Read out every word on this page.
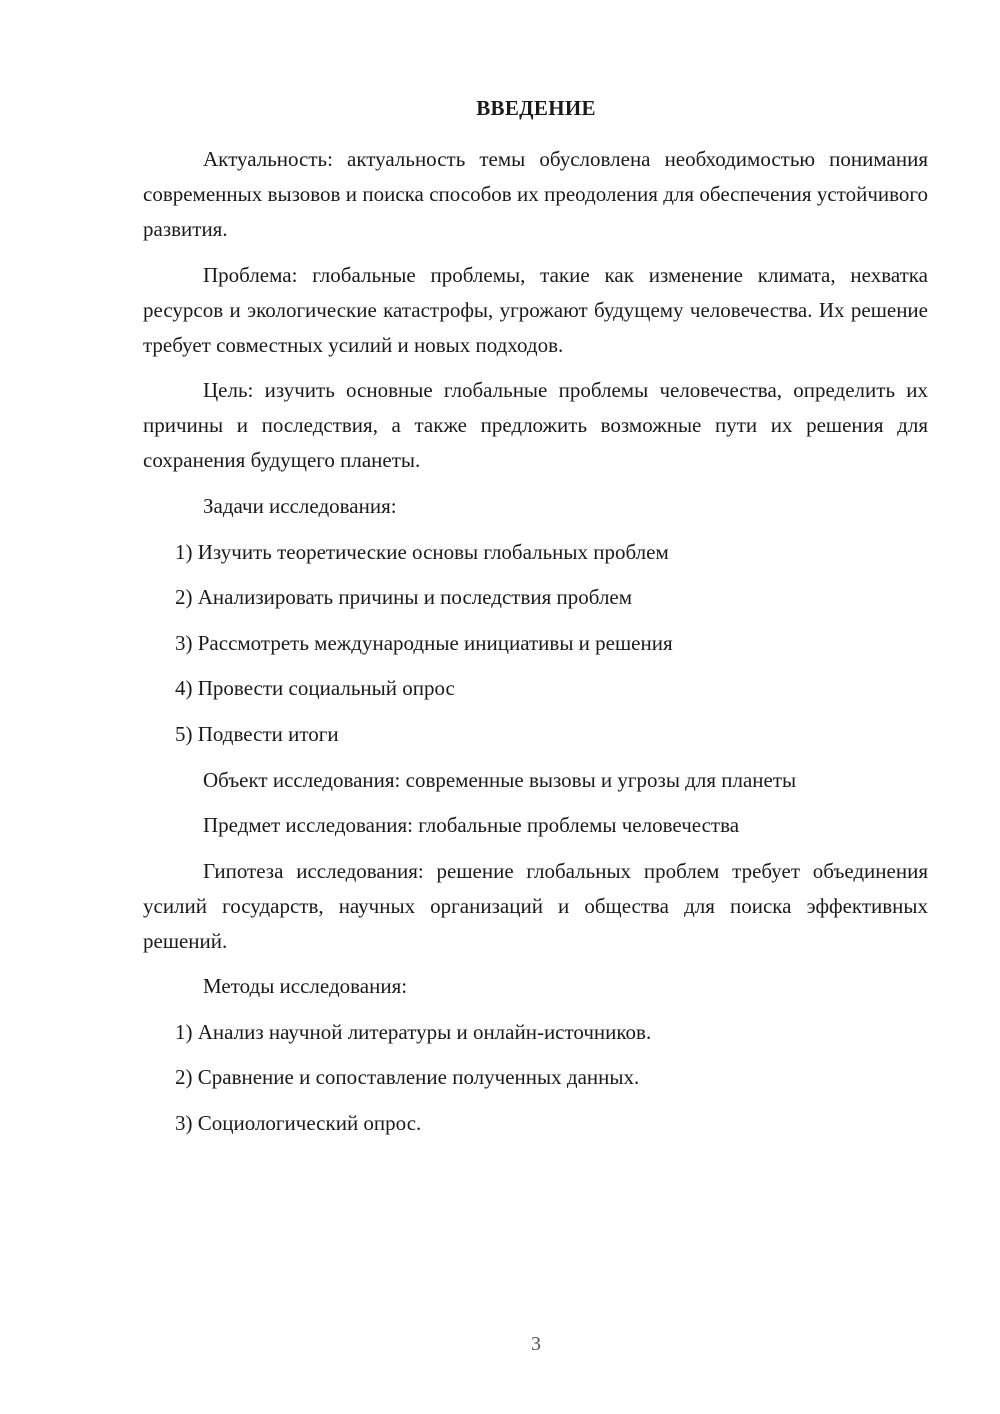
ВВЕДЕНИЕ

Актуальность: актуальность темы обусловлена необходимостью понимания современных вызовов и поиска способов их преодоления для обеспечения устойчивого развития.

Проблема: глобальные проблемы, такие как изменение климата, нехватка ресурсов и экологические катастрофы, угрожают будущему человечества. Их решение требует совместных усилий и новых подходов.

Цель: изучить основные глобальные проблемы человечества, определить их причины и последствия, а также предложить возможные пути их решения для сохранения будущего планеты.

Задачи исследования:

1) Изучить теоретические основы глобальных проблем

2) Анализировать причины и последствия проблем

3) Рассмотреть международные инициативы и решения

4) Провести социальный опрос

5) Подвести итоги

Объект исследования: современные вызовы и угрозы для планеты

Предмет исследования: глобальные проблемы человечества

Гипотеза исследования: решение глобальных проблем требует объединения усилий государств, научных организаций и общества для поиска эффективных решений.

Методы исследования:

1) Анализ научной литературы и онлайн-источников.

2) Сравнение и сопоставление полученных данных.

3) Социологический опрос.

3
